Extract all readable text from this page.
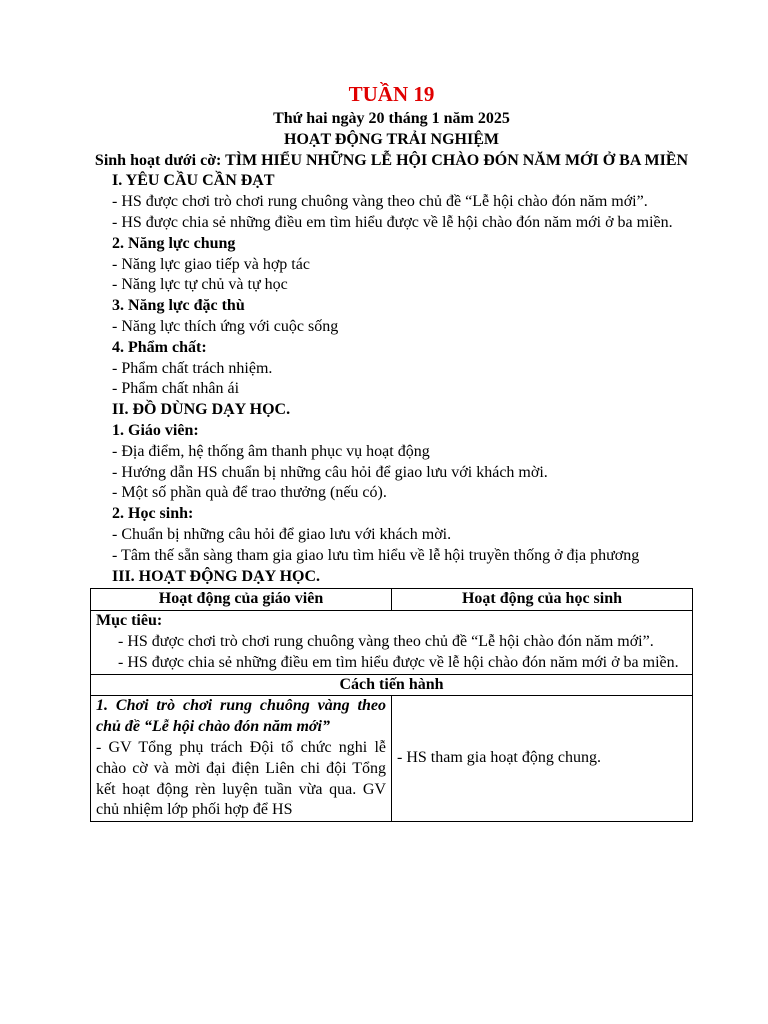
TUẦN 19
Thứ hai ngày 20 tháng 1 năm 2025
HOẠT ĐỘNG TRẢI NGHIỆM
Sinh hoạt dưới cờ: TÌM HIỂU NHỮNG LỄ HỘI CHÀO ĐÓN NĂM MỚI Ở BA MIỀN
I. YÊU CẦU CẦN ĐẠT
- HS được chơi trò chơi rung chuông vàng theo chủ đề “Lễ hội chào đón năm mới”.
- HS được chia sẻ những điều em tìm hiểu được về lễ hội chào đón năm mới ở ba miền.
2. Năng lực chung
- Năng lực giao tiếp và hợp tác
- Năng lực tự chủ và tự học
3. Năng lực đặc thù
- Năng lực thích ứng với cuộc sống
4. Phẩm chất:
- Phẩm chất trách nhiệm.
- Phẩm chất nhân ái
II. ĐỒ DÙNG DẠY HỌC.
1. Giáo viên:
- Địa điểm, hệ thống âm thanh phục vụ hoạt động
- Hướng dẫn HS chuẩn bị những câu hỏi để giao lưu với khách mời.
- Một số phần quà để trao thưởng (nếu có).
2. Học sinh:
- Chuẩn bị những câu hỏi để giao lưu với khách mời.
- Tâm thế sẵn sàng tham gia giao lưu tìm hiểu về lễ hội truyền thống ở địa phương
III. HOẠT ĐỘNG DẠY HỌC.
Hoạt động của giáo viên	Hoạt động của học sinh

Mục tiêu:
- HS được chơi trò chơi rung chuông vàng theo chủ đề “Lễ hội chào đón năm mới”.
- HS được chia sẻ những điều em tìm hiểu được về lễ hội chào đón năm mới ở ba miền.	

Cách tiến hành	

1. Chơi trò chơi rung chuông vàng theo chủ đề “Lễ hội chào đón năm mới”
- GV Tổng phụ trách Đội tổ chức nghi lễ chào cờ và mời đại điện Liên chi đội Tổng kết hoạt động rèn luyện tuần vừa qua. GV chủ nhiệm lớp phối hợp để HS	- HS tham gia hoạt động chung.
